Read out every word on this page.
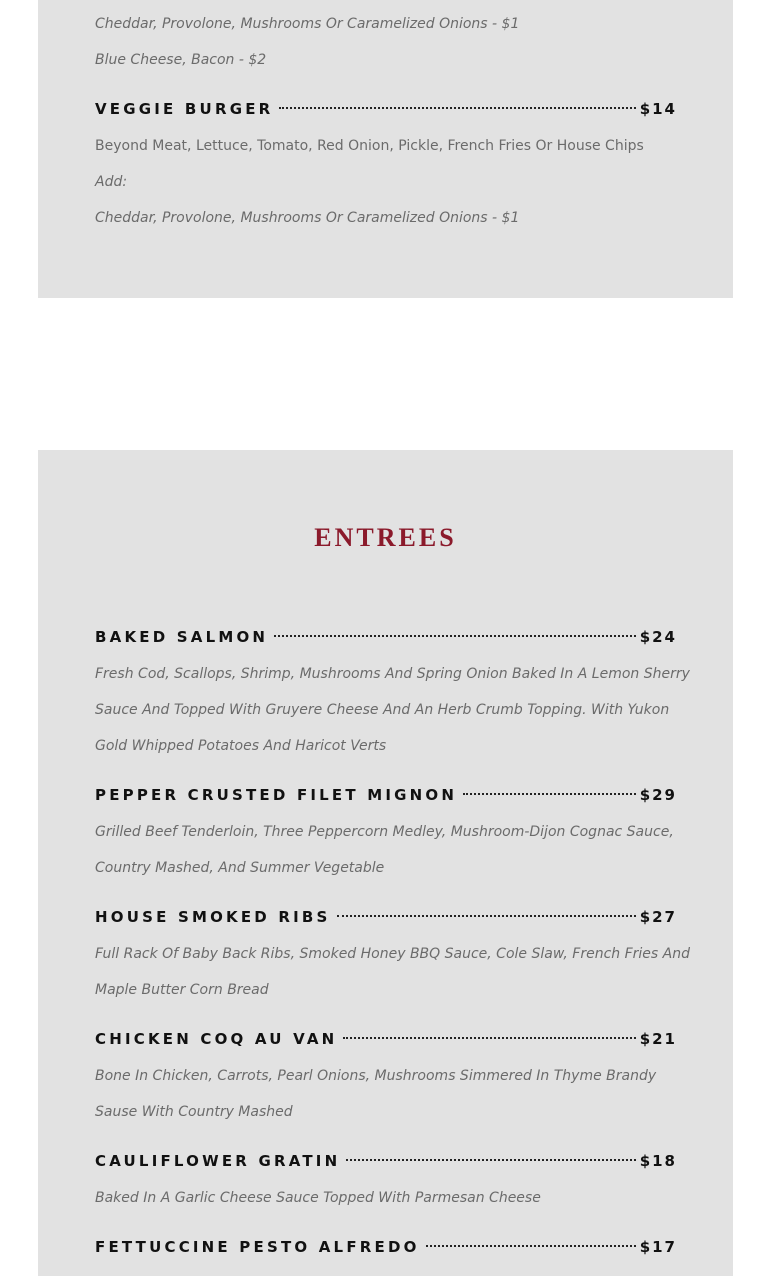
Cheddar, Provolone, Mushrooms Or Caramelized Onions - $1
Blue Cheese, Bacon - $2
VEGGIE BURGER	$14
Beyond Meat, Lettuce, Tomato, Red Onion, Pickle, French Fries Or House Chips
Add:
Cheddar, Provolone, Mushrooms Or Caramelized Onions - $1
ENTREES
BAKED SALMON	$24
Fresh Cod, Scallops, Shrimp, Mushrooms And Spring Onion Baked In A Lemon Sherry
Sauce And Topped With Gruyere Cheese And An Herb Crumb Topping. With Yukon
Gold Whipped Potatoes And Haricot Verts
PEPPER CRUSTED FILET MIGNON	$29
Grilled Beef Tenderloin, Three Peppercorn Medley, Mushroom-Dijon Cognac Sauce,
Country Mashed, And Summer Vegetable
HOUSE SMOKED RIBS	$27
Full Rack Of Baby Back Ribs, Smoked Honey BBQ Sauce, Cole Slaw, French Fries And
Maple Butter Corn Bread
CHICKEN COQ AU VAN	$21
Bone In Chicken, Carrots, Pearl Onions, Mushrooms Simmered In Thyme Brandy
Sause With Country Mashed
CAULIFLOWER GRATIN	$18
Baked In A Garlic Cheese Sauce Topped With Parmesan Cheese
FETTUCCINE PESTO ALFREDO	$17
